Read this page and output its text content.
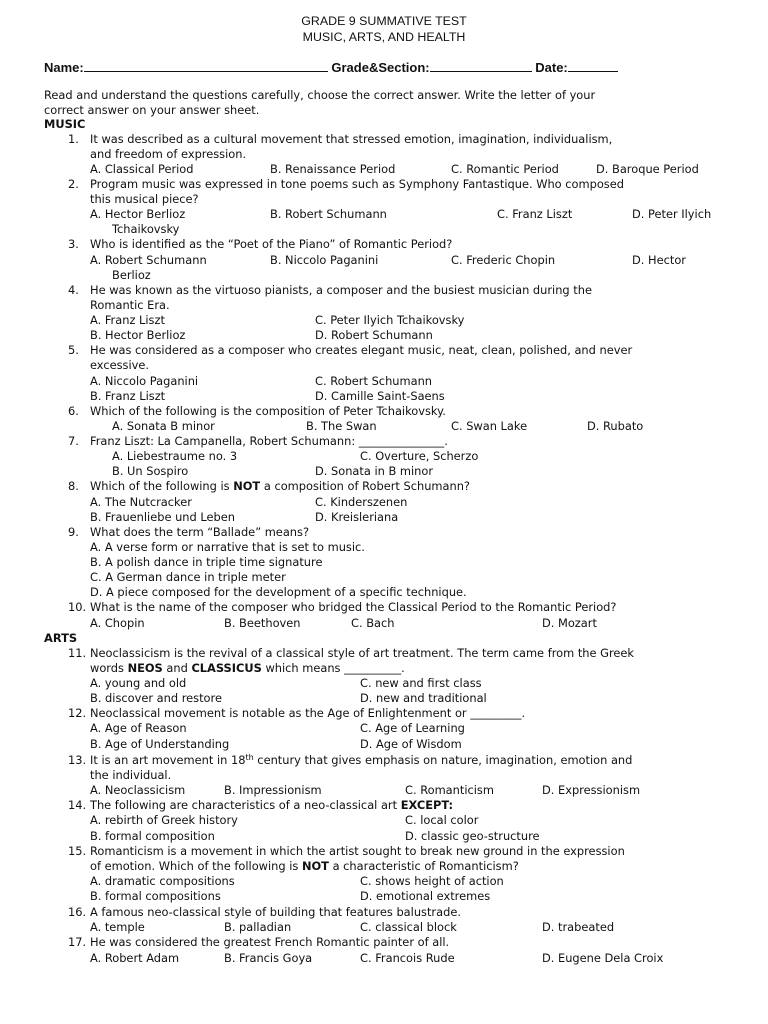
GRADE 9 SUMMATIVE TEST
MUSIC, ARTS, AND HEALTH
Name:	Grade&Section:	Date:
Read and understand the questions carefully, choose the correct answer. Write the letter of your
correct answer on your answer sheet.
MUSIC
1. It was described as a cultural movement that stressed emotion, imagination, individualism,
and freedom of expression.
A. Classical Period	B. Renaissance Period	C. Romantic Period	D. Baroque Period
2. Program music was expressed in tone poems such as Symphony Fantastique. Who composed
this musical piece?
A. Hector Berlioz	B. Robert Schumann	C. Franz Liszt	D. Peter Ilyich
Tchaikovsky
3. Who is identified as the “Poet of the Piano” of Romantic Period?
A. Robert Schumann	B. Niccolo Paganini	C. Frederic Chopin	D. Hector
Berlioz
4. He was known as the virtuoso pianists, a composer and the busiest musician during the
Romantic Era.
A. Franz Liszt	C. Peter Ilyich Tchaikovsky
B. Hector Berlioz	D. Robert Schumann
5. He was considered as a composer who creates elegant music, neat, clean, polished, and never
excessive.
A. Niccolo Paganini	C. Robert Schumann
B. Franz Liszt	D. Camille Saint-Saens
6. Which of the following is the composition of Peter Tchaikovsky.
A. Sonata B minor	B. The Swan	C. Swan Lake	D. Rubato
7. Franz Liszt: La Campanella, Robert Schumann: _______________.
A. Liebestraume no. 3	C. Overture, Scherzo
B. Un Sospiro	D. Sonata in B minor
8. Which of the following is NOT a composition of Robert Schumann?
A. The Nutcracker	C. Kinderszenen
B. Frauenliebe und Leben	D. Kreisleriana
9. What does the term “Ballade” means?
A. A verse form or narrative that is set to music.
B. A polish dance in triple time signature
C. A German dance in triple meter
D. A piece composed for the development of a specific technique.
10. What is the name of the composer who bridged the Classical Period to the Romantic Period?
A. Chopin	B. Beethoven	C. Bach	D. Mozart
ARTS
11. Neoclassicism is the revival of a classical style of art treatment. The term came from the Greek
words NEOS and CLASSICUS which means __________.
A. young and old	C. new and first class
B. discover and restore	D. new and traditional
12. Neoclassical movement is notable as the Age of Enlightenment or _________.
A. Age of Reason	C. Age of Learning
B. Age of Understanding	D. Age of Wisdom
13. It is an art movement in 18th century that gives emphasis on nature, imagination, emotion and
the individual.
A. Neoclassicism	B. Impressionism	C. Romanticism	D. Expressionism
14. The following are characteristics of a neo-classical art EXCEPT:
A. rebirth of Greek history	C. local color
B. formal composition	D. classic geo-structure
15. Romanticism is a movement in which the artist sought to break new ground in the expression
of emotion. Which of the following is NOT a characteristic of Romanticism?
A. dramatic compositions	C. shows height of action
B. formal compositions	D. emotional extremes
16. A famous neo-classical style of building that features balustrade.
A. temple	B. palladian	C. classical block	D. trabeated
17. He was considered the greatest French Romantic painter of all.
A. Robert Adam	B. Francis Goya	C. Francois Rude	D. Eugene Dela Croix
